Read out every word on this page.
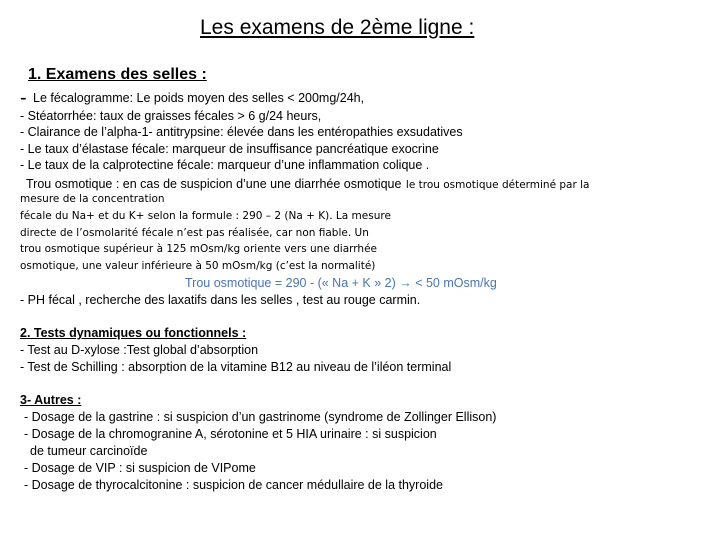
Les examens de 2ème ligne :
1. Examens des selles :
- Le fécalogramme: Le poids moyen des selles < 200mg/24h,
- Stéatorrhée: taux de graisses fécales > 6 g/24 heurs,
- Clairance de l’alpha-1- antitrypsine: élevée dans les entéropathies exsudatives
- Le taux d’élastase fécale: marqueur de insuffisance pancréatique exocrine
- Le taux de la calprotectine fécale: marqueur d’une inflammation colique .
Trou osmotique : en cas de suspicion d’une une diarrhée osmotique le trou osmotique déterminé par la
mesure de la concentration
fécale du Na+ et du K+ selon la formule : 290 – 2 (Na + K). La mesure
directe de l’osmolarité fécale n’est pas réalisée, car non fiable. Un
trou osmotique supérieur à 125 mOsm/kg oriente vers une diarrhée
osmotique, une valeur inférieure à 50 mOsm/kg (c’est la normalité)
Trou osmotique = 290 - (« Na + K » 2) → < 50 mOsm/kg
- PH fécal , recherche des laxatifs dans les selles , test au rouge carmin.
2. Tests dynamiques ou fonctionnels :
- Test au D-xylose :Test global d’absorption
- Test de Schilling : absorption de la vitamine B12 au niveau de l’iléon terminal
3- Autres :
- Dosage de la gastrine : si suspicion d’un gastrinome (syndrome de Zollinger Ellison)
- Dosage de la chromogranine A, sérotonine et 5 HIA urinaire : si suspicion
de tumeur carcinoïde
- Dosage de VIP : si suspicion de VIPome
- Dosage de thyrocalcitonine : suspicion de cancer médullaire de la thyroide
